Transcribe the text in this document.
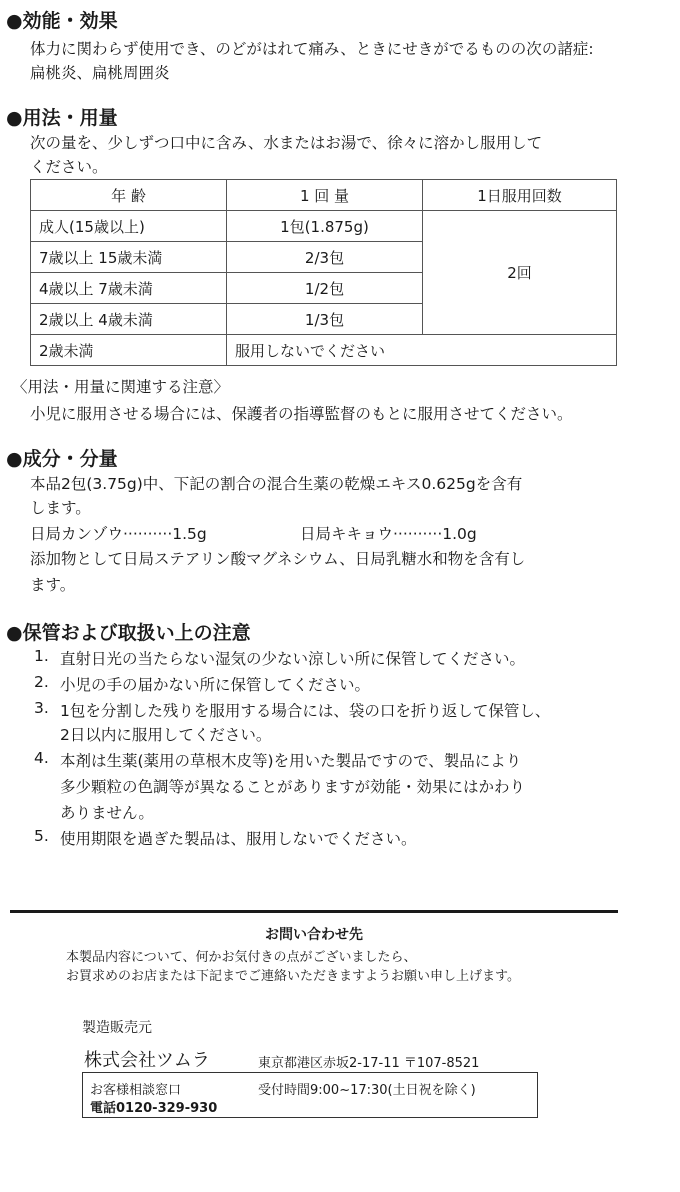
●効能・効果
体力に関わらず使用でき、のどがはれて痛み、ときにせきがでるものの次の諸症:
扁桃炎、扁桃周囲炎
●用法・用量
次の量を、少しずつ口中に含み、水またはお湯で、徐々に溶かし服用して
ください。
年 齢	1 回 量	1日服用回数
成人(15歳以上)	1包(1.875g)	2回
7歳以上 15歳未満	2/3包	
4歳以上 7歳未満	1/2包	
2歳以上 4歳未満	1/3包	
2歳未満	服用しないでください	
〈用法・用量に関連する注意〉
小児に服用させる場合には、保護者の指導監督のもとに服用させてください。
●成分・分量
本品2包(3.75g)中、下記の割合の混合生薬の乾燥エキス0.625gを含有
します。
日局カンゾウ··········1.5g	日局キキョウ··········1.0g
添加物として日局ステアリン酸マグネシウム、日局乳糖水和物を含有し
ます。
●保管および取扱い上の注意
1. 直射日光の当たらない湿気の少ない涼しい所に保管してください。
2. 小児の手の届かない所に保管してください。
3. 1包を分割した残りを服用する場合には、袋の口を折り返して保管し、
2日以内に服用してください。
4. 本剤は生薬(薬用の草根木皮等)を用いた製品ですので、製品により
多少顆粒の色調等が異なることがありますが効能・効果にはかわり
ありません。
5. 使用期限を過ぎた製品は、服用しないでください。
お問い合わせ先
本製品内容について、何かお気付きの点がございましたら、
お買求めのお店または下記までご連絡いただきますようお願い申し上げます。
製造販売元
株式会社ツムラ	東京都港区赤坂2-17-11 〒107-8521
お客様相談窓口	受付時間9:00~17:30(土日祝を除く)
電話0120-329-930
